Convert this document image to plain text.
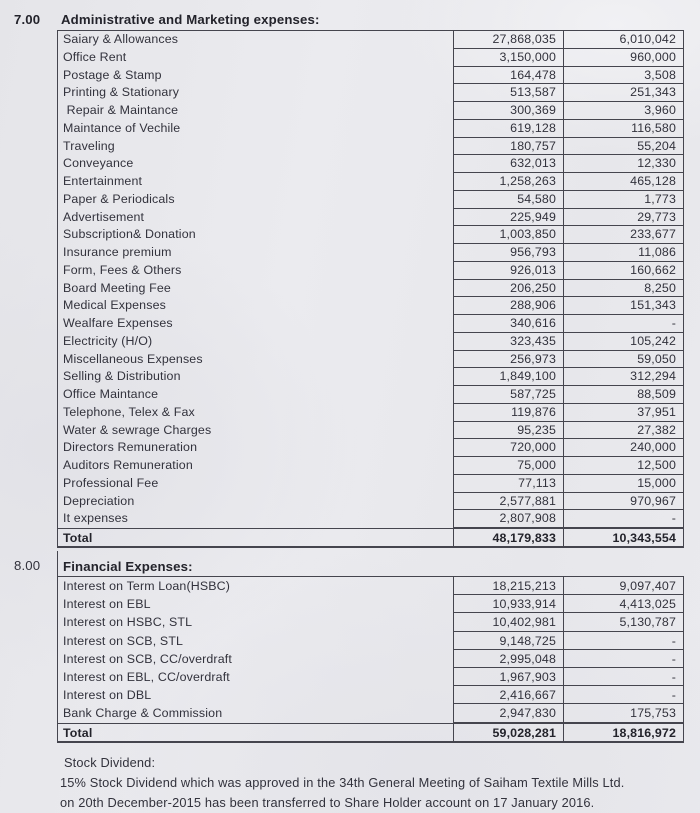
7.00 Administrative and Marketing expenses:
Saiary & Allowances	27,868,035	6,010,042
Office Rent	3,150,000	960,000
Postage & Stamp	164,478	3,508
Printing & Stationary	513,587	251,343
Repair & Maintance	300,369	3,960
Maintance of Vechile	619,128	116,580
Traveling	180,757	55,204
Conveyance	632,013	12,330
Entertainment	1,258,263	465,128
Paper & Periodicals	54,580	1,773
Advertisement	225,949	29,773
Subscription& Donation	1,003,850	233,677
Insurance premium	956,793	11,086
Form, Fees & Others	926,013	160,662
Board Meeting Fee	206,250	8,250
Medical Expenses	288,906	151,343
Wealfare Expenses	340,616	-
Electricity (H/O)	323,435	105,242
Miscellaneous Expenses	256,973	59,050
Selling & Distribution	1,849,100	312,294
Office Maintance	587,725	88,509
Telephone, Telex & Fax	119,876	37,951
Water & sewrage Charges	95,235	27,382
Directors Remuneration	720,000	240,000
Auditors Remuneration	75,000	12,500
Professional Fee	77,113	15,000
Depreciation	2,577,881	970,967
It expenses	2,807,908	-
Total	48,179,833	10,343,554
8.00	Financial Expenses:
Interest on Term Loan(HSBC)	18,215,213	9,097,407
Interest on EBL	10,933,914	4,413,025
Interest on HSBC, STL	10,402,981	5,130,787
Interest on SCB, STL	9,148,725	-
Interest on SCB, CC/overdraft	2,995,048	-
Interest on EBL, CC/overdraft	1,967,903	-
Interest on DBL	2,416,667	-
Bank Charge & Commission	2,947,830	175,753
Total	59,028,281	18,816,972
Stock Dividend:
15% Stock Dividend which was approved in the 34th General Meeting of Saiham Textile Mills Ltd.
on 20th December-2015 has been transferred to Share Holder account on 17 January 2016.
